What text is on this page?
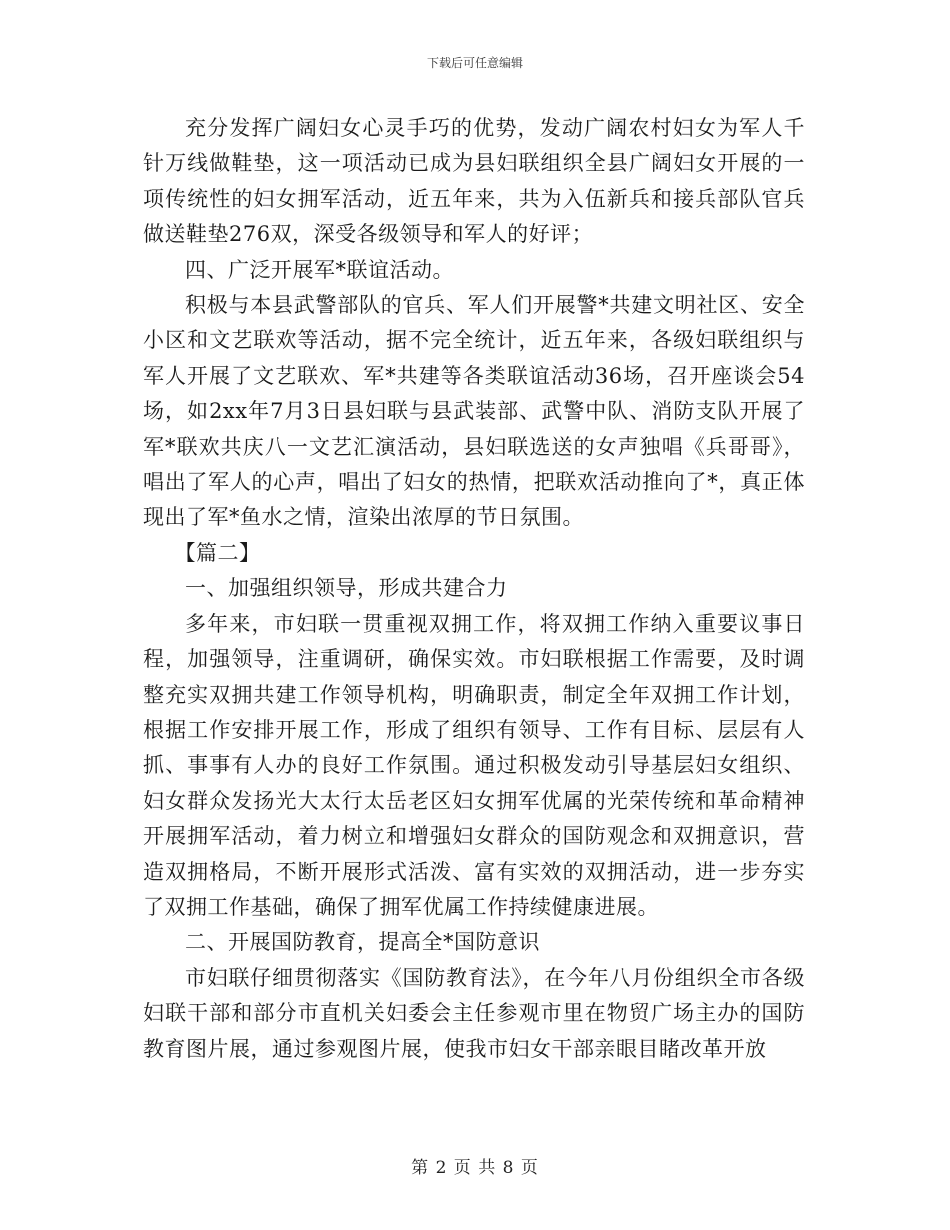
下载后可任意编辑

充分发挥广阔妇女心灵手巧的优势，发动广阔农村妇女为军人千针万线做鞋垫，这一项活动已成为县妇联组织全县广阔妇女开展的一项传统性的妇女拥军活动，近五年来，共为入伍新兵和接兵部队官兵做送鞋垫276双，深受各级领导和军人的好评；

四、广泛开展军*联谊活动。

积极与本县武警部队的官兵、军人们开展警*共建文明社区、安全小区和文艺联欢等活动，据不完全统计，近五年来，各级妇联组织与军人开展了文艺联欢、军*共建等各类联谊活动36场，召开座谈会54场，如2xx年7月3日县妇联与县武装部、武警中队、消防支队开展了军*联欢共庆八一文艺汇演活动，县妇联选送的女声独唱《兵哥哥》，唱出了军人的心声，唱出了妇女的热情，把联欢活动推向了*，真正体现出了军*鱼水之情，渲染出浓厚的节日氛围。

【篇二】

一、加强组织领导，形成共建合力

多年来，市妇联一贯重视双拥工作，将双拥工作纳入重要议事日程，加强领导，注重调研，确保实效。市妇联根据工作需要，及时调整充实双拥共建工作领导机构，明确职责，制定全年双拥工作计划，根据工作安排开展工作，形成了组织有领导、工作有目标、层层有人抓、事事有人办的良好工作氛围。通过积极发动引导基层妇女组织、妇女群众发扬光大太行太岳老区妇女拥军优属的光荣传统和革命精神开展拥军活动，着力树立和增强妇女群众的国防观念和双拥意识，营造双拥格局，不断开展形式活泼、富有实效的双拥活动，进一步夯实了双拥工作基础，确保了拥军优属工作持续健康进展。

二、开展国防教育，提高全*国防意识

市妇联仔细贯彻落实《国防教育法》，在今年八月份组织全市各级妇联干部和部分市直机关妇委会主任参观市里在物贸广场主办的国防教育图片展，通过参观图片展，使我市妇女干部亲眼目睹改革开放

第 2 页 共 8 页
